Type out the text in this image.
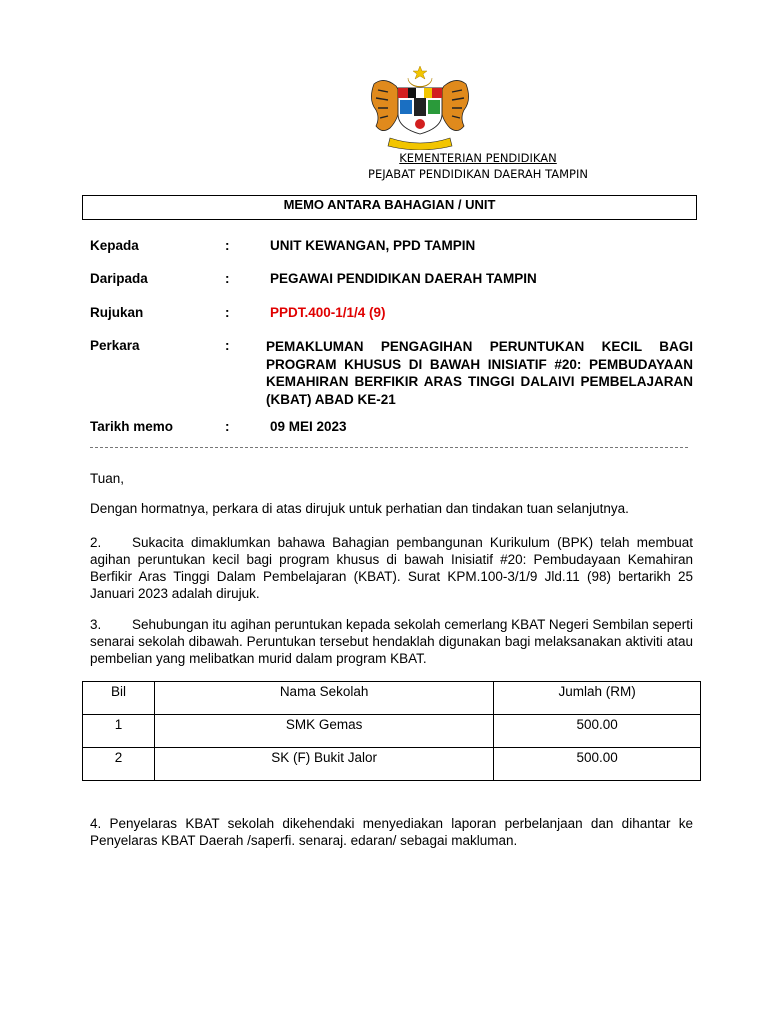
KEMENTERIAN PENDIDIKAN
PEJABAT PENDIDIKAN DAERAH TAMPIN
MEMO ANTARA BAHAGIAN / UNIT
Kepada	:	UNIT KEWANGAN, PPD TAMPIN
Daripada	:	PEGAWAI PENDIDIKAN DAERAH TAMPIN
Rujukan	:	PPDT.400-1/1/4 (9)
Perkara	:	PEMAKLUMAN PENGAGIHAN PERUNTUKAN KECIL BAGI
PROGRAM KHUSUS DI BAWAH INISIATIF #20: PEMBUDAYAAN
KEMAHIRAN BERFIKIR ARAS TINGGI DALAIVI PEMBELAJARAN
(KBAT) ABAD KE-21
Tarikh memo	:	09 MEI 2023
Tuan,
Dengan hormatnya, perkara di atas dirujuk untuk perhatian dan tindakan tuan selanjutnya.
2. Sukacita dimaklumkan bahawa Bahagian pembangunan Kurikulum (BPK) telah membuat agihan peruntukan kecil bagi program khusus di bawah Inisiatif #20: Pembudayaan Kemahiran Berfikir Aras Tinggi Dalam Pembelajaran (KBAT). Surat KPM.100-3/1/9 Jld.11 (98) bertarikh 25 Januari 2023 adalah dirujuk.
3. Sehubungan itu agihan peruntukan kepada sekolah cemerlang KBAT Negeri Sembilan seperti senarai sekolah dibawah. Peruntukan tersebut hendaklah digunakan bagi melaksanakan aktiviti atau pembelian yang melibatkan murid dalam program KBAT.
Bil	Nama Sekolah	Jumlah (RM)
1	SMK Gemas	500.00
2	SK (F) Bukit Jalor	500.00
4. Penyelaras KBAT sekolah dikehendaki menyediakan laporan perbelanjaan dan dihantar ke Penyelaras KBAT Daerah /saperfi. senaraj. edaran/ sebagai makluman.
